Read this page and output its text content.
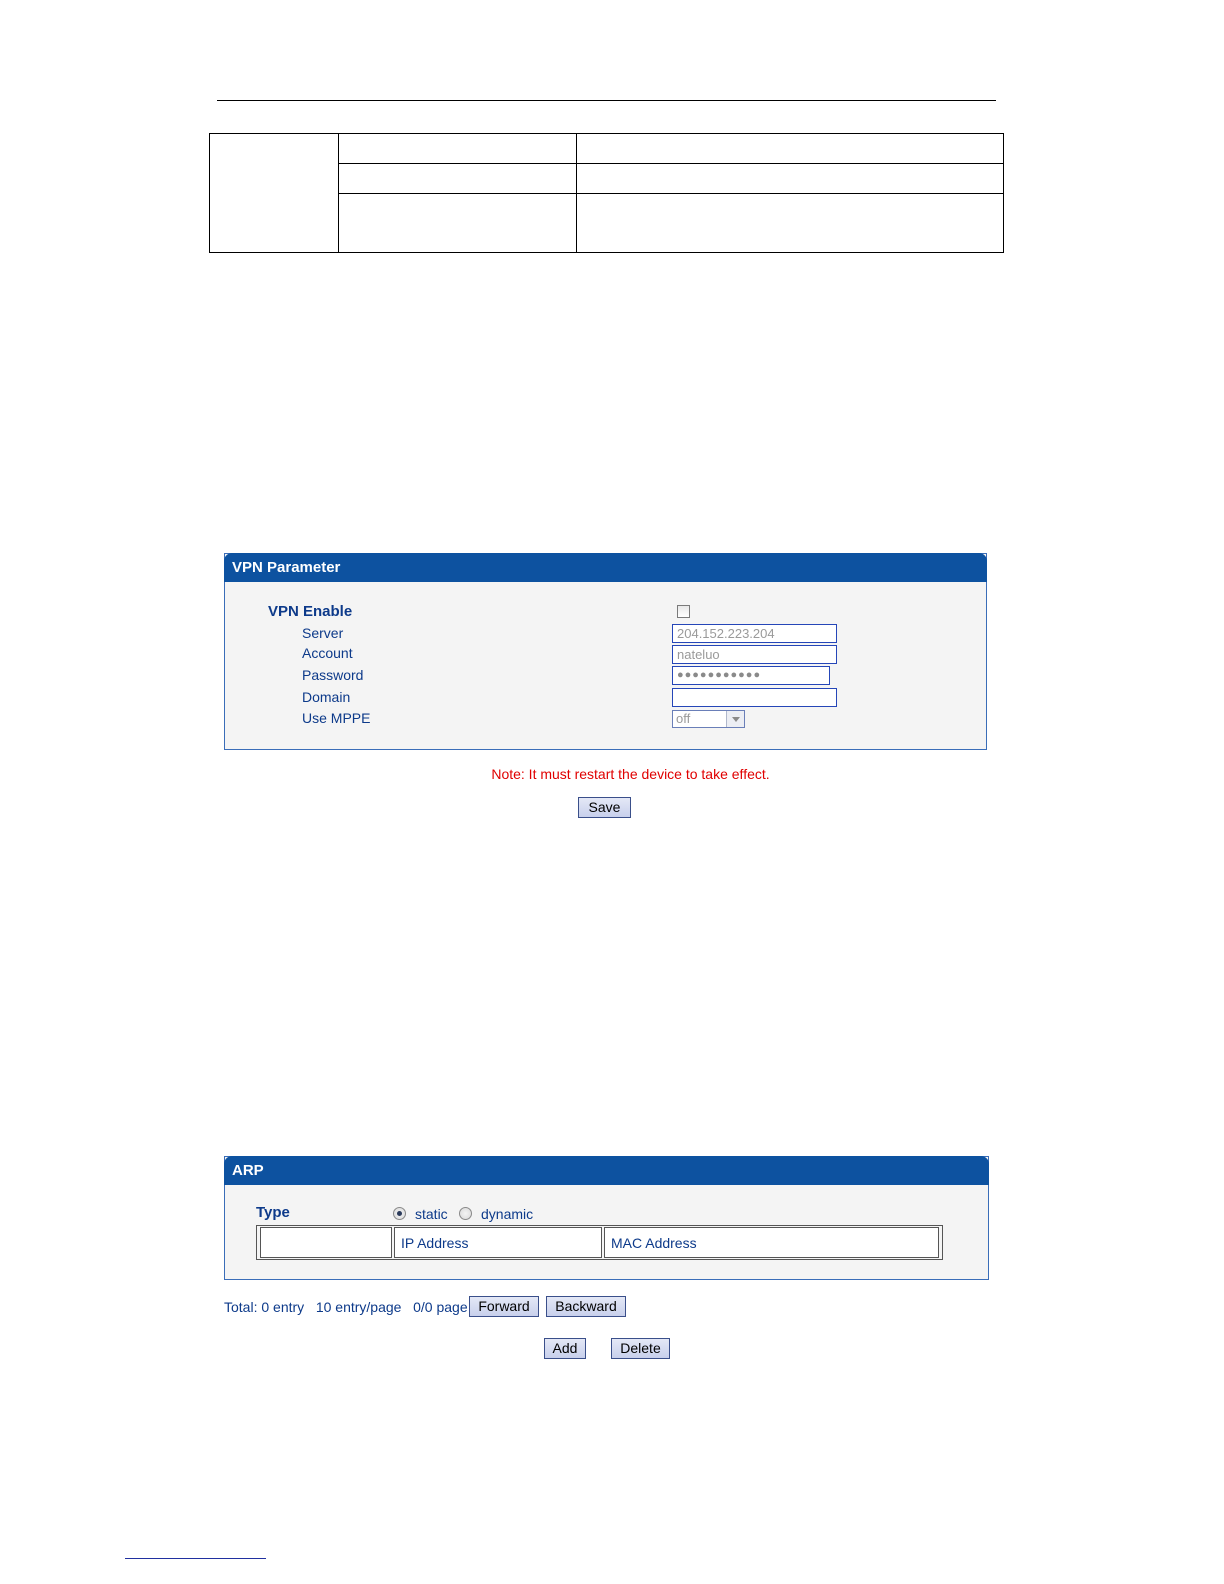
VPN Parameter
VPN Enable
Server	204.152.223.204
Account	nateluo
Password	●●●●●●●●●●●
Domain
Use MPPE	off
Note: It must restart the device to take effect.
Save
ARP
Type	static dynamic
	IP Address	MAC Address
Total: 0 entry 10 entry/page 0/0 page Forward	Backward
Add	Delete
